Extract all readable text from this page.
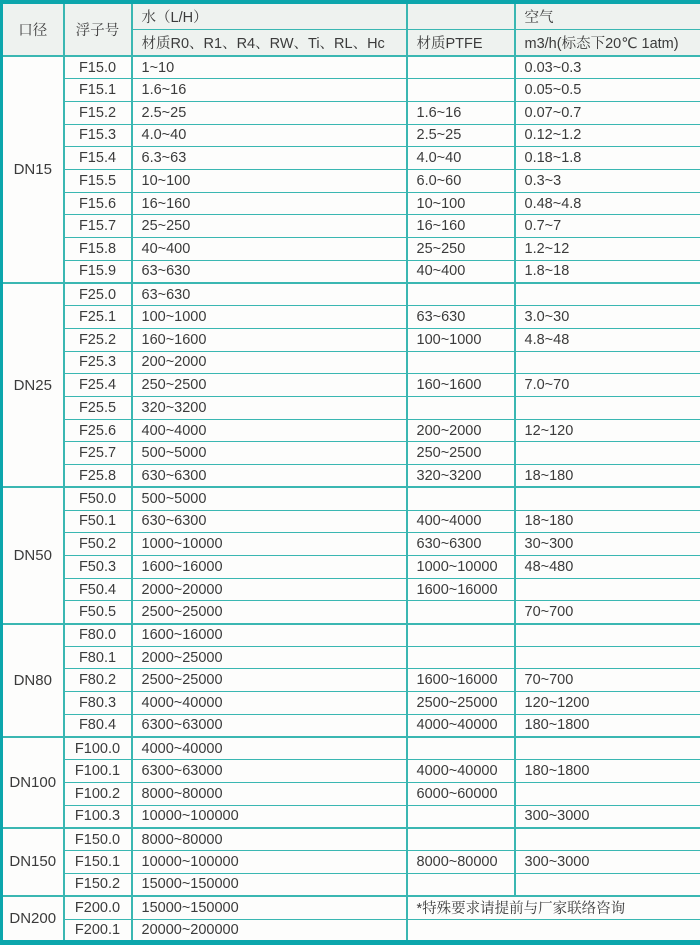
口径	浮子号	水（L/H）		空气
		材质R0、R1、R4、RW、Ti、RL、Hc	材质PTFE	m3/h(标态下20℃ 1atm)
DN15	F15.0	1~10		0.03~0.3
	F15.1	1.6~16		0.05~0.5
	F15.2	2.5~25	1.6~16	0.07~0.7
	F15.3	4.0~40	2.5~25	0.12~1.2
	F15.4	6.3~63	4.0~40	0.18~1.8
	F15.5	10~100	6.0~60	0.3~3
	F15.6	16~160	10~100	0.48~4.8
	F15.7	25~250	16~160	0.7~7
	F15.8	40~400	25~250	1.2~12
	F15.9	63~630	40~400	1.8~18
DN25	F25.0	63~630		
	F25.1	100~1000	63~630	3.0~30
	F25.2	160~1600	100~1000	4.8~48
	F25.3	200~2000		
	F25.4	250~2500	160~1600	7.0~70
	F25.5	320~3200		
	F25.6	400~4000	200~2000	12~120
	F25.7	500~5000	250~2500	
	F25.8	630~6300	320~3200	18~180
DN50	F50.0	500~5000		
	F50.1	630~6300	400~4000	18~180
	F50.2	1000~10000	630~6300	30~300
	F50.3	1600~16000	1000~10000	48~480
	F50.4	2000~20000	1600~16000	
	F50.5	2500~25000		70~700
DN80	F80.0	1600~16000		
	F80.1	2000~25000		
	F80.2	2500~25000	1600~16000	70~700
	F80.3	4000~40000	2500~25000	120~1200
	F80.4	6300~63000	4000~40000	180~1800
DN100	F100.0	4000~40000		
	F100.1	6300~63000	4000~40000	180~1800
	F100.2	8000~80000	6000~60000	
	F100.3	10000~100000		300~3000
DN150	F150.0	8000~80000		
	F150.1	10000~100000	8000~80000	300~3000
	F150.2	15000~150000		
DN200	F200.0	15000~150000	*特殊要求请提前与厂家联络咨询	
	F200.1	20000~200000		
